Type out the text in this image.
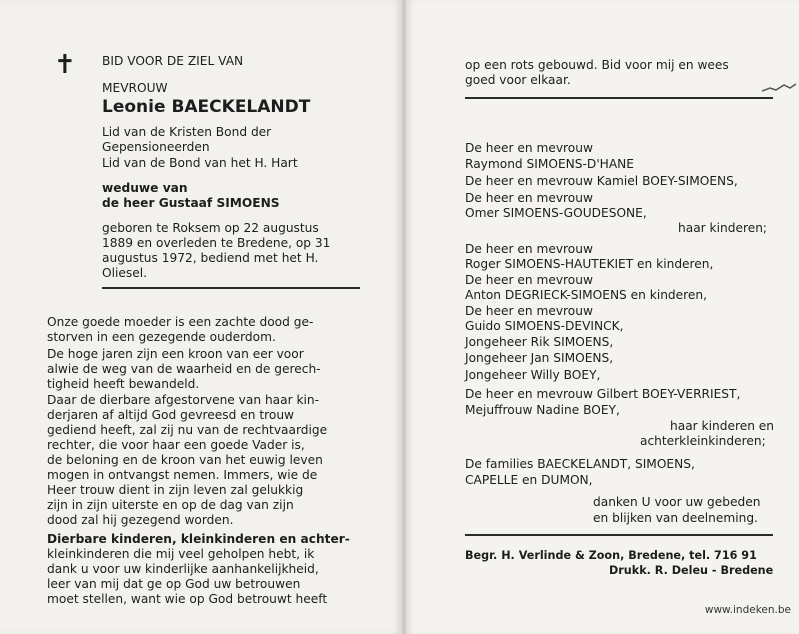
✝ BID VOOR DE ZIEL VAN
MEVROUW
Leonie BAECKELANDT
Lid van de Kristen Bond der
Gepensioneerden
Lid van de Bond van het H. Hart
weduwe van
de heer Gustaaf SIMOENS
geboren te Roksem op 22 augustus
1889 en overleden te Bredene, op 31
augustus 1972, bediend met het H.
Oliesel.
Onze goede moeder is een zachte dood ge-
storven in een gezegende ouderdom.
De hoge jaren zijn een kroon van eer voor
alwie de weg van de waarheid en de gerech-
tigheid heeft bewandeld.
Daar de dierbare afgestorvene van haar kin-
derjaren af altijd God gevreesd en trouw
gediend heeft, zal zij nu van de rechtvaardige
rechter, die voor haar een goede Vader is,
de beloning en de kroon van het euwig leven
mogen in ontvangst nemen. Immers, wie de
Heer trouw dient in zijn leven zal gelukkig
zijn in zijn uiterste en op de dag van zijn
dood zal hij gezegend worden.
Dierbare kinderen, kleinkinderen en achter-
kleinkinderen die mij veel geholpen hebt, ik
dank u voor uw kinderlijke aanhankelijkheid,
leer van mij dat ge op God uw betrouwen
moet stellen, want wie op God betrouwt heeft
op een rots gebouwd. Bid voor mij en wees
goed voor elkaar.
De heer en mevrouw
Raymond SIMOENS-D'HANE
De heer en mevrouw Kamiel BOEY-SIMOENS,
De heer en mevrouw
Omer SIMOENS-GOUDESONE,
haar kinderen;
De heer en mevrouw
Roger SIMOENS-HAUTEKIET en kinderen,
De heer en mevrouw
Anton DEGRIECK-SIMOENS en kinderen,
De heer en mevrouw
Guido SIMOENS-DEVINCK,
Jongeheer Rik SIMOENS,
Jongeheer Jan SIMOENS,
Jongeheer Willy BOEY,
De heer en mevrouw Gilbert BOEY-VERRIEST,
Mejuffrouw Nadine BOEY,
haar kinderen en
achterkleinkinderen;
De families BAECKELANDT, SIMOENS,
CAPELLE en DUMON,
danken U voor uw gebeden
en blijken van deelneming.
Begr. H. Verlinde & Zoon, Bredene, tel. 716 91
Drukk. R. Deleu - Bredene
www.indeken.be
